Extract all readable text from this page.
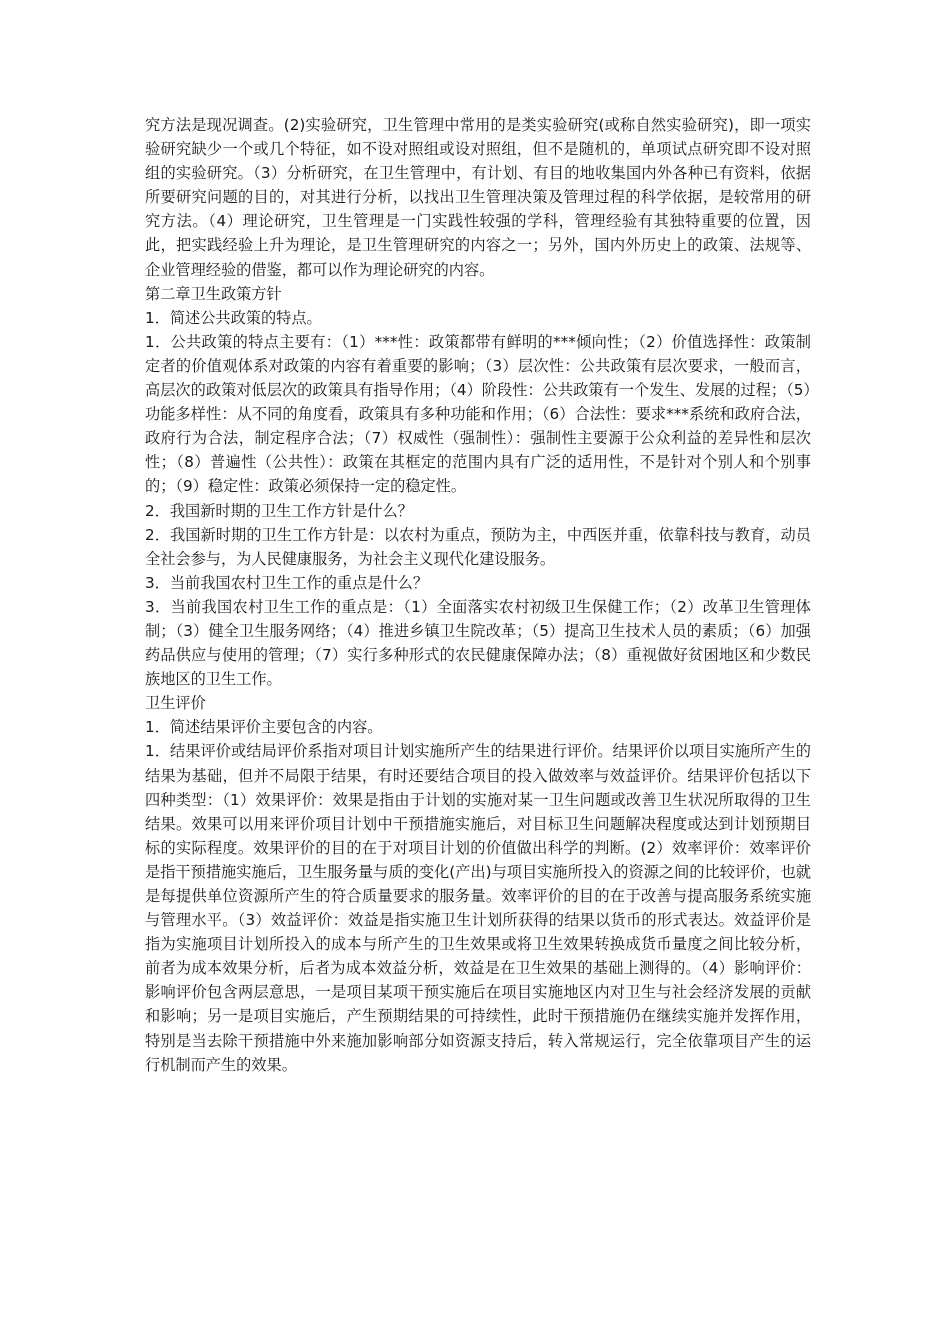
究方法是现况调查。(2)实验研究，卫生管理中常用的是类实验研究(或称自然实验研究)，即一项实验研究缺少一个或几个特征，如不设对照组或设对照组，但不是随机的，单项试点研究即不设对照组的实验研究。（3）分析研究，在卫生管理中，有计划、有目的地收集国内外各种已有资料，依据所要研究问题的目的，对其进行分析，以找出卫生管理决策及管理过程的科学依据，是较常用的研究方法。（4）理论研究，卫生管理是一门实践性较强的学科，管理经验有其独特重要的位置，因此，把实践经验上升为理论，是卫生管理研究的内容之一；另外，国内外历史上的政策、法规等、企业管理经验的借鉴，都可以作为理论研究的内容。

第二章卫生政策方针

1．简述公共政策的特点。

1．公共政策的特点主要有：（1）***性：政策都带有鲜明的***倾向性；（2）价值选择性：政策制定者的价值观体系对政策的内容有着重要的影响；（3）层次性：公共政策有层次要求，一般而言，高层次的政策对低层次的政策具有指导作用；（4）阶段性：公共政策有一个发生、发展的过程；（5）功能多样性：从不同的角度看，政策具有多种功能和作用；（6）合法性：要求***系统和政府合法，政府行为合法，制定程序合法；（7）权威性（强制性）：强制性主要源于公众利益的差异性和层次性；（8）普遍性（公共性）：政策在其框定的范围内具有广泛的适用性，不是针对个别人和个别事的；（9）稳定性：政策必须保持一定的稳定性。

2．我国新时期的卫生工作方针是什么？

2．我国新时期的卫生工作方针是：以农村为重点，预防为主，中西医并重，依靠科技与教育，动员全社会参与，为人民健康服务，为社会主义现代化建设服务。

3．当前我国农村卫生工作的重点是什么？

3．当前我国农村卫生工作的重点是：（1）全面落实农村初级卫生保健工作；（2）改革卫生管理体制；（3）健全卫生服务网络；（4）推进乡镇卫生院改革；（5）提高卫生技术人员的素质；（6）加强药品供应与使用的管理；（7）实行多种形式的农民健康保障办法；（8）重视做好贫困地区和少数民族地区的卫生工作。

卫生评价

1．简述结果评价主要包含的内容。

1．结果评价或结局评价系指对项目计划实施所产生的结果进行评价。结果评价以项目实施所产生的结果为基础，但并不局限于结果，有时还要结合项目的投入做效率与效益评价。结果评价包括以下四种类型：（1）效果评价：效果是指由于计划的实施对某一卫生问题或改善卫生状况所取得的卫生结果。效果可以用来评价项目计划中干预措施实施后，对目标卫生问题解决程度或达到计划预期目标的实际程度。效果评价的目的在于对项目计划的价值做出科学的判断。(2）效率评价：效率评价是指干预措施实施后，卫生服务量与质的变化(产出)与项目实施所投入的资源之间的比较评价，也就是每提供单位资源所产生的符合质量要求的服务量。效率评价的目的在于改善与提高服务系统实施与管理水平。（3）效益评价：效益是指实施卫生计划所获得的结果以货币的形式表达。效益评价是指为实施项目计划所投入的成本与所产生的卫生效果或将卫生效果转换成货币量度之间比较分析，前者为成本效果分析，后者为成本效益分析，效益是在卫生效果的基础上测得的。（4）影响评价：影响评价包含两层意思，一是项目某项干预实施后在项目实施地区内对卫生与社会经济发展的贡献和影响；另一是项目实施后，产生预期结果的可持续性，此时干预措施仍在继续实施并发挥作用，特别是当去除干预措施中外来施加影响部分如资源支持后，转入常规运行，完全依靠项目产生的运行机制而产生的效果。
